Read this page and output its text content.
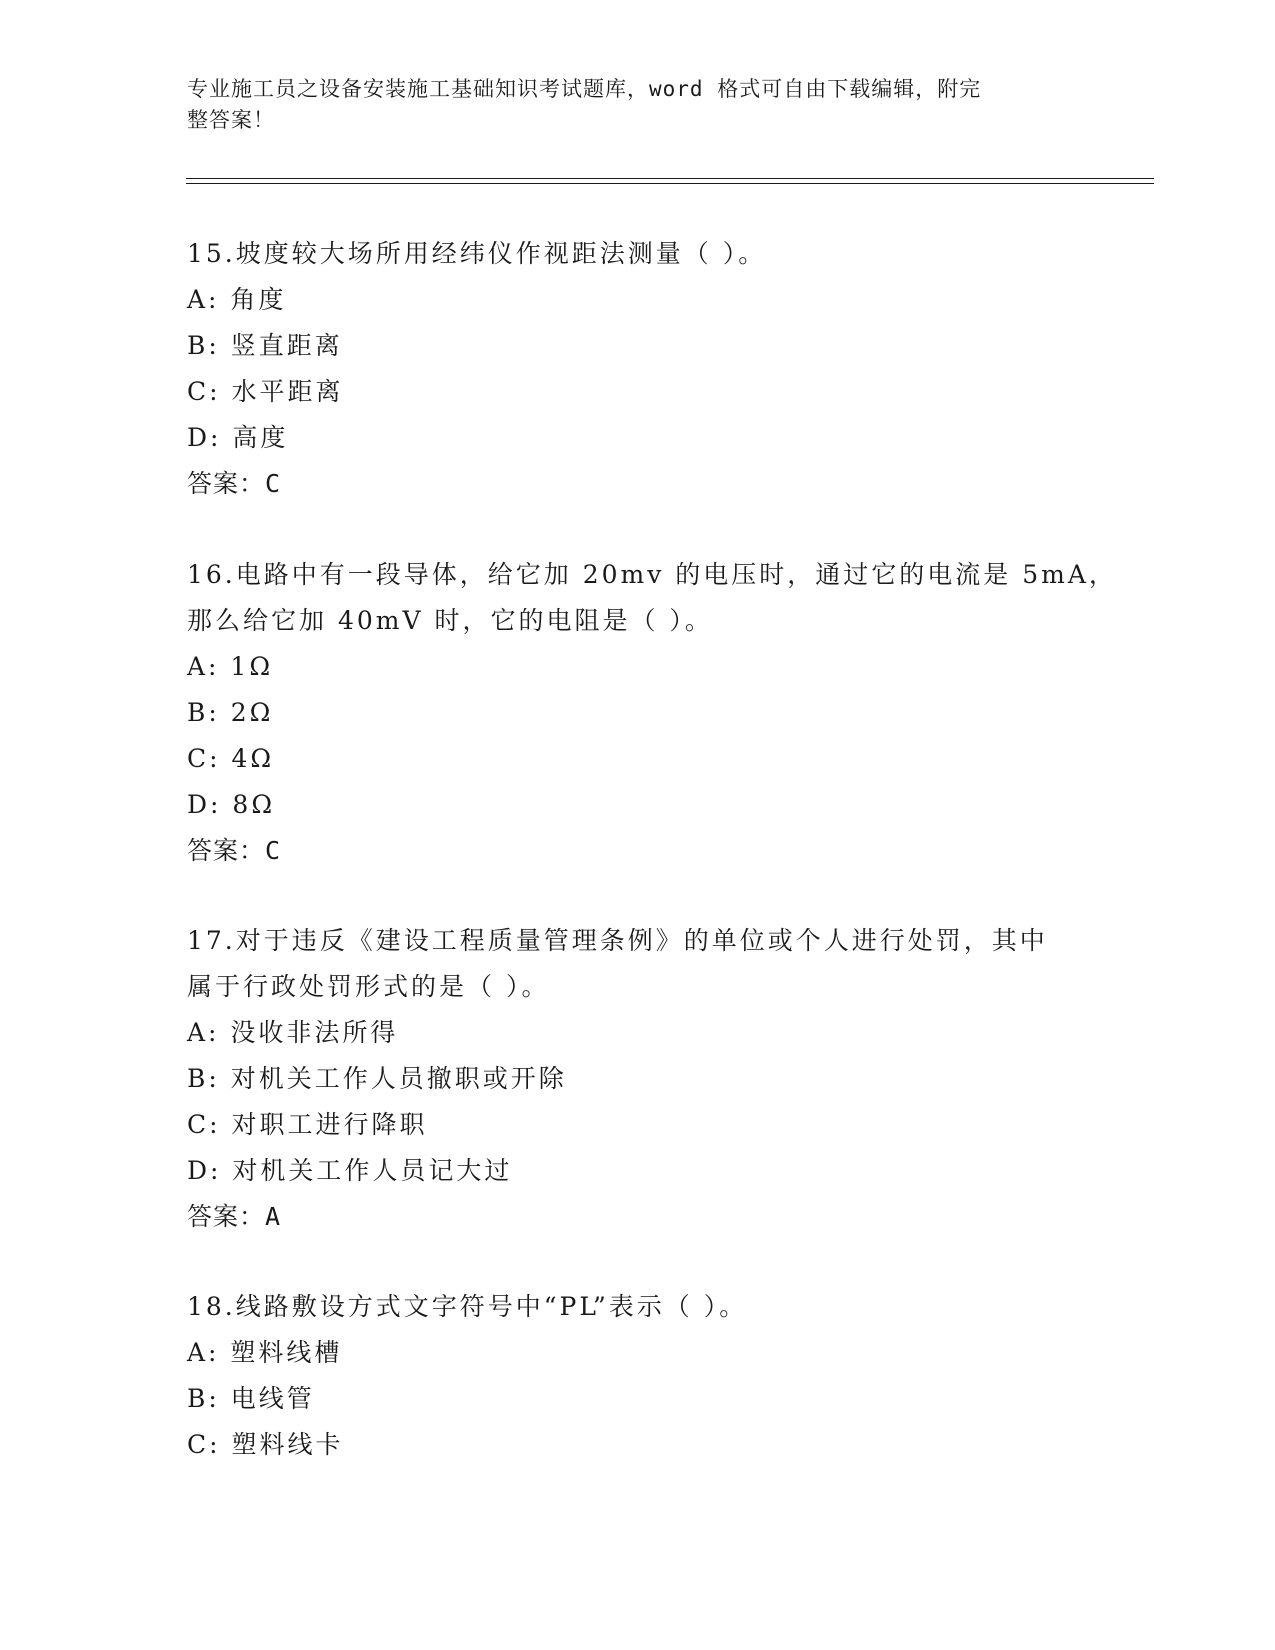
专业施工员之设备安装施工基础知识考试题库，word 格式可自由下载编辑，附完
整答案！
15.坡度较大场所用经纬仪作视距法测量（ ）。
A: 角度
B: 竖直距离
C: 水平距离
D: 高度
答案：C
16.电路中有一段导体，给它加 20mv 的电压时，通过它的电流是 5mA，
那么给它加 40mV 时，它的电阻是（ ）。
A: 1Ω
B: 2Ω
C: 4Ω
D: 8Ω
答案：C
17.对于违反《建设工程质量管理条例》的单位或个人进行处罚，其中
属于行政处罚形式的是（ ）。
A: 没收非法所得
B: 对机关工作人员撤职或开除
C: 对职工进行降职
D: 对机关工作人员记大过
答案：A
18.线路敷设方式文字符号中“PL”表示（ ）。
A: 塑料线槽
B: 电线管
C: 塑料线卡
